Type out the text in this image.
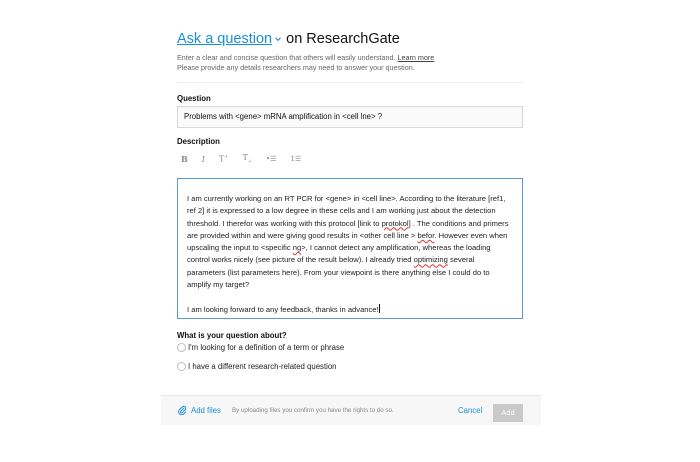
Ask a question on ResearchGate
Enter a clear and concise question that others will easily understand. Learn more
Please provide any details researchers may need to answer your question.
Question
Problems with <gene> mRNA amplification in <cell lne> ?
Description
B I T+ $T_+$ •☰ 1☰

I am currently working on an RT PCR for <gene> in <cell line>. According to the literature [ref1, ref 2] it is expressed to a low degree in these cells and I am working just about the detection threshold. I therefor was working with this protocol [link to protokol] . The conditions and primers are provided within and were giving good results in <other cell line > befor. However even when upscaling the input to <specific ng>, I cannot detect any amplification, whereas the loading control works nicely (see picture of the result below). I already tried optimizing several parameters (list parameters here). From your viewpoint is there anything else I could do to amplify my target?

I am looking forward to any feedback, thanks in advance!

What is your question about?
I'm looking for a definition of a term or phrase
I have a different research-related question
Add files By uploading files you confirm you have the rights to do so.	Cancel	Add
